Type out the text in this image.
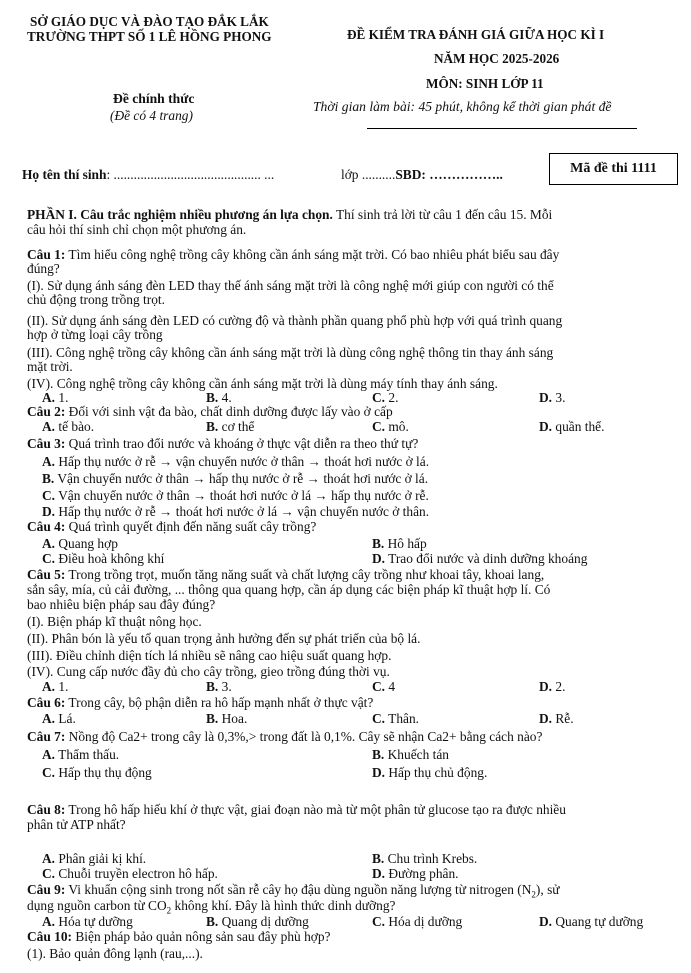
SỞ GIÁO DỤC VÀ ĐÀO TẠO ĐẮK LẮK
TRƯỜNG THPT SỐ 1 LÊ HỒNG PHONG
Đề chính thức
(Đề có 4 trang)
ĐỀ KIỂM TRA ĐÁNH GIÁ GIỮA HỌC KÌ I
NĂM HỌC 2025-2026
MÔN: SINH LỚP 11
Thời gian làm bài: 45 phút, không kể thời gian phát đề
Họ tên thí sinh: ............................................ ...	lớp ..........SBD: ……………..	Mã đề thi 1111
PHẦN I. Câu trắc nghiệm nhiều phương án lựa chọn. Thí sinh trả lời từ câu 1 đến câu 15. Mỗi
câu hỏi thí sinh chỉ chọn một phương án.
Câu 1: Tìm hiểu công nghệ trồng cây không cần ánh sáng mặt trời. Có bao nhiêu phát biểu sau đây
đúng?
(I). Sử dụng ánh sáng đèn LED thay thế ánh sáng mặt trời là công nghệ mới giúp con người có thể
chủ động trong trồng trọt.
(II). Sử dụng ánh sáng đèn LED có cường độ và thành phần quang phổ phù hợp với quá trình quang
hợp ở từng loại cây trồng
(III). Công nghệ trồng cây không cần ánh sáng mặt trời là dùng công nghệ thông tin thay ánh sáng
mặt trời.
(IV). Công nghệ trồng cây không cần ánh sáng mặt trời là dùng máy tính thay ánh sáng.
A. 1.	B. 4.	C. 2.	D. 3.
Câu 2: Đối với sinh vật đa bào, chất dinh dưỡng được lấy vào ở cấp
A. tế bào.	B. cơ thể	C. mô.	D. quần thể.
Câu 3: Quá trình trao đổi nước và khoáng ở thực vật diễn ra theo thứ tự?
A. Hấp thụ nước ở rễ → vận chuyển nước ở thân → thoát hơi nước ở lá.
B. Vận chuyển nước ở thân → hấp thụ nước ở rễ → thoát hơi nước ở lá.
C. Vận chuyển nước ở thân → thoát hơi nước ở lá → hấp thụ nước ở rễ.
D. Hấp thụ nước ở rễ → thoát hơi nước ở lá → vận chuyển nước ở thân.
Câu 4: Quá trình quyết định đến năng suất cây trồng?
A. Quang hợp	B. Hô hấp
C. Điều hoà không khí	D. Trao đổi nước và dinh dưỡng khoáng
Câu 5: Trong trồng trọt, muốn tăng năng suất và chất lượng cây trồng như khoai tây, khoai lang,
sắn sây, mía, củ cải đường, ... thông qua quang hợp, cần áp dụng các biện pháp kĩ thuật hợp lí. Có
bao nhiêu biện pháp sau đây đúng?
(I). Biện pháp kĩ thuật nông học.
(II). Phân bón là yếu tố quan trọng ảnh hưởng đến sự phát triển của bộ lá.
(III). Điều chỉnh diện tích lá nhiều sẽ nâng cao hiệu suất quang hợp.
(IV). Cung cấp nước đầy đủ cho cây trồng, gieo trồng đúng thời vụ.
A. 1.	B. 3.	C. 4	D. 2.
Câu 6: Trong cây, bộ phận diễn ra hô hấp mạnh nhất ở thực vật?
A. Lá.	B. Hoa.	C. Thân.	D. Rễ.
Câu 7: Nồng độ Ca2+ trong cây là 0,3%,> trong đất là 0,1%. Cây sẽ nhận Ca2+ bằng cách nào?
A. Thẩm thấu.	B. Khuếch tán
C. Hấp thụ thụ động	D. Hấp thụ chủ động.
Câu 8: Trong hô hấp hiếu khí ở thực vật, giai đoạn nào mà từ một phân tử glucose tạo ra được nhiều
phân tử ATP nhất?
A. Phân giải kị khí.	B. Chu trình Krebs.
C. Chuỗi truyền electron hô hấp.	D. Đường phân.
Câu 9: Vi khuẩn cộng sinh trong nốt sần rễ cây họ đậu dùng nguồn năng lượng từ nitrogen $(N_2)$, sử
dụng nguồn carbon từ $CO_2$ không khí. Đây là hình thức dinh dưỡng?
A. Hóa tự dưỡng	B. Quang dị dưỡng	C. Hóa dị dưỡng	D. Quang tự dưỡng
Câu 10: Biện pháp bảo quản nông sản sau đây phù hợp?
(1). Bảo quản đông lạnh (rau,...).
